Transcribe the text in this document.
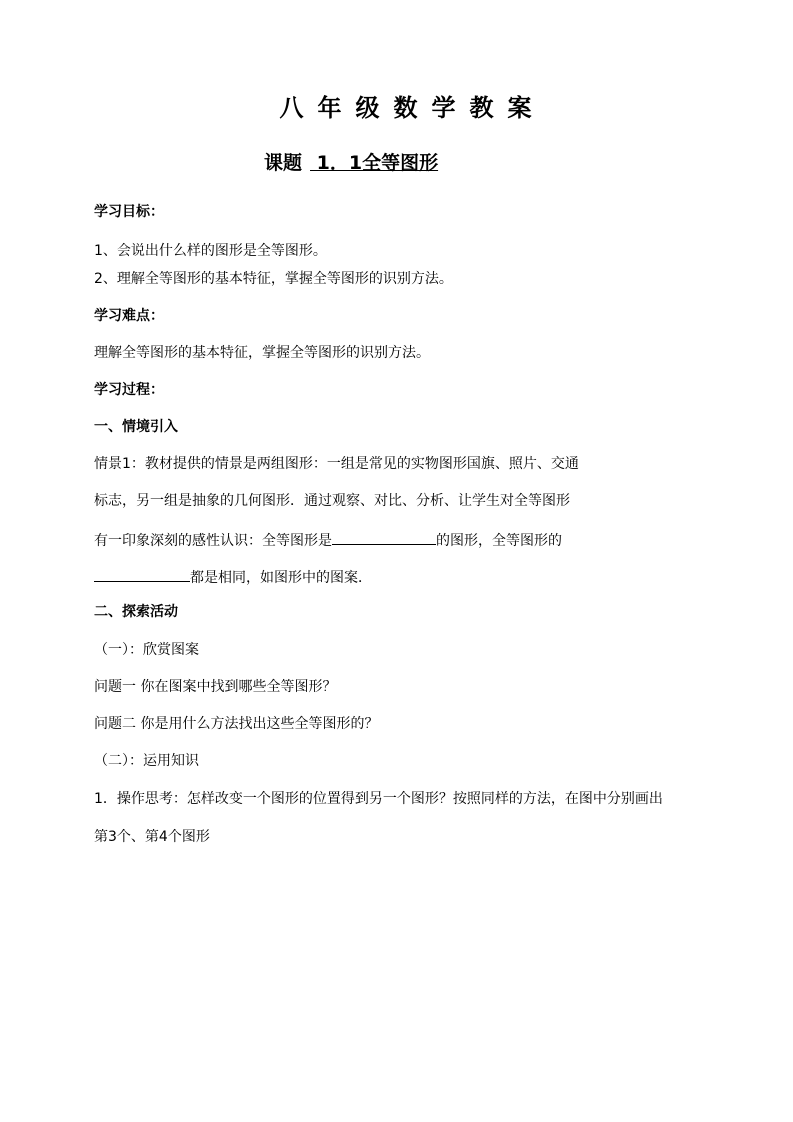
八年级数学教案
课题 1．1全等图形
学习目标：
1、会说出什么样的图形是全等图形。
2、理解全等图形的基本特征，掌握全等图形的识别方法。
学习难点：
理解全等图形的基本特征，掌握全等图形的识别方法。
学习过程：
一、情境引入
情景1：教材提供的情景是两组图形：一组是常见的实物图形国旗、照片、交通
标志，另一组是抽象的几何图形．通过观察、对比、分析、让学生对全等图形
有一印象深刻的感性认识：全等图形是	的图形，全等图形的
都是相同，如图形中的图案．
二、探索活动
（一）：欣赏图案
问题一 你在图案中找到哪些全等图形？
问题二 你是用什么方法找出这些全等图形的？
（二）：运用知识
1．操作思考：怎样改变一个图形的位置得到另一个图形？按照同样的方法，在图中分别画出
第3个、第4个图形
